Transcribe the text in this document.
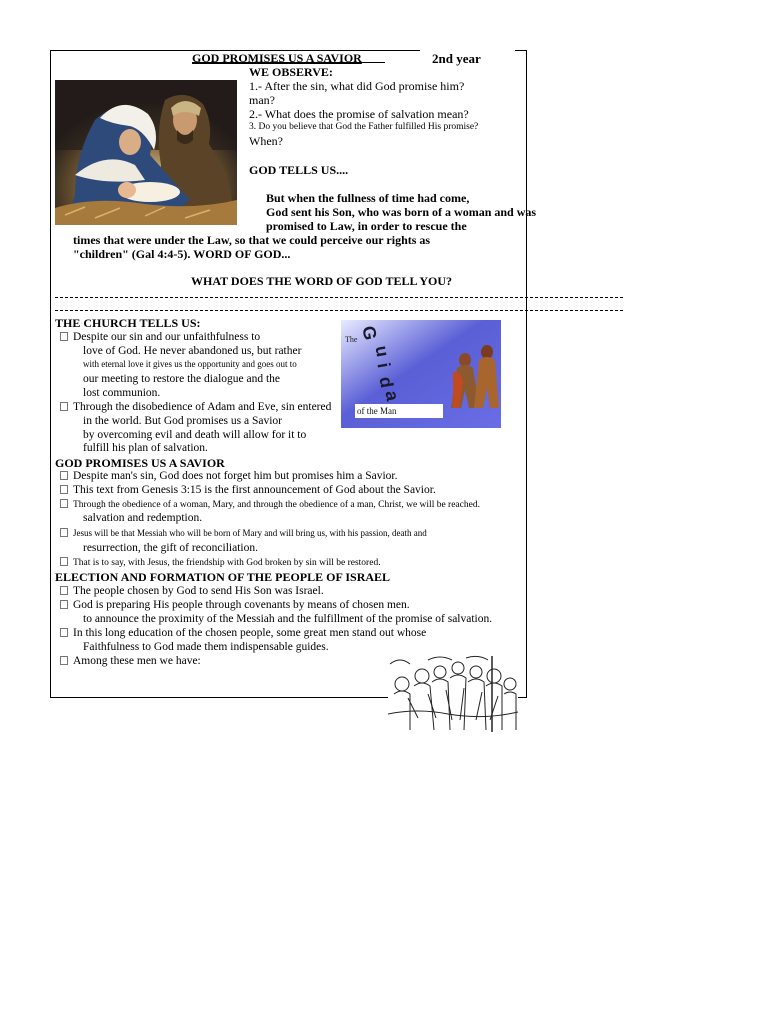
GOD PROMISES US A SAVIOR	2nd year
WE OBSERVE:
1.- After the sin, what did God promise him?
man?
2.- What does the promise of salvation mean?
3. Do you believe that God the Father fulfilled His promise?
When?
GOD TELLS US....
But when the fullness of time had come,
God sent his Son, who was born of a woman and was
promised to Law, in order to rescue the
times that were under the Law, so that we could perceive our rights as
"children" (Gal 4:4-5). WORD OF GOD...
WHAT DOES THE WORD OF GOD TELL YOU?
THE CHURCH TELLS US:
Despite our sin and our unfaithfulness to
love of God. He never abandoned us, but rather
with eternal love it gives us the opportunity and goes out to
our meeting to restore the dialogue and the
lost communion.
Through the disobedience of Adam and Eve, sin entered
in the world. But God promises us a Savior
by overcoming evil and death will allow for it to
fulfill his plan of salvation.
The G
u
i
d
a
of the Man
GOD PROMISES US A SAVIOR
Despite man's sin, God does not forget him but promises him a Savior.
This text from Genesis 3:15 is the first announcement of God about the Savior.
Through the obedience of a woman, Mary, and through the obedience of a man, Christ, we will be reached.
salvation and redemption.
Jesus will be that Messiah who will be born of Mary and will bring us, with his passion, death and
resurrection, the gift of reconciliation.
That is to say, with Jesus, the friendship with God broken by sin will be restored.
ELECTION AND FORMATION OF THE PEOPLE OF ISRAEL
The people chosen by God to send His Son was Israel.
God is preparing His people through covenants by means of chosen men.
to announce the proximity of the Messiah and the fulfillment of the promise of salvation.
In this long education of the chosen people, some great men stand out whose
Faithfulness to God made them indispensable guides.
Among these men we have:
